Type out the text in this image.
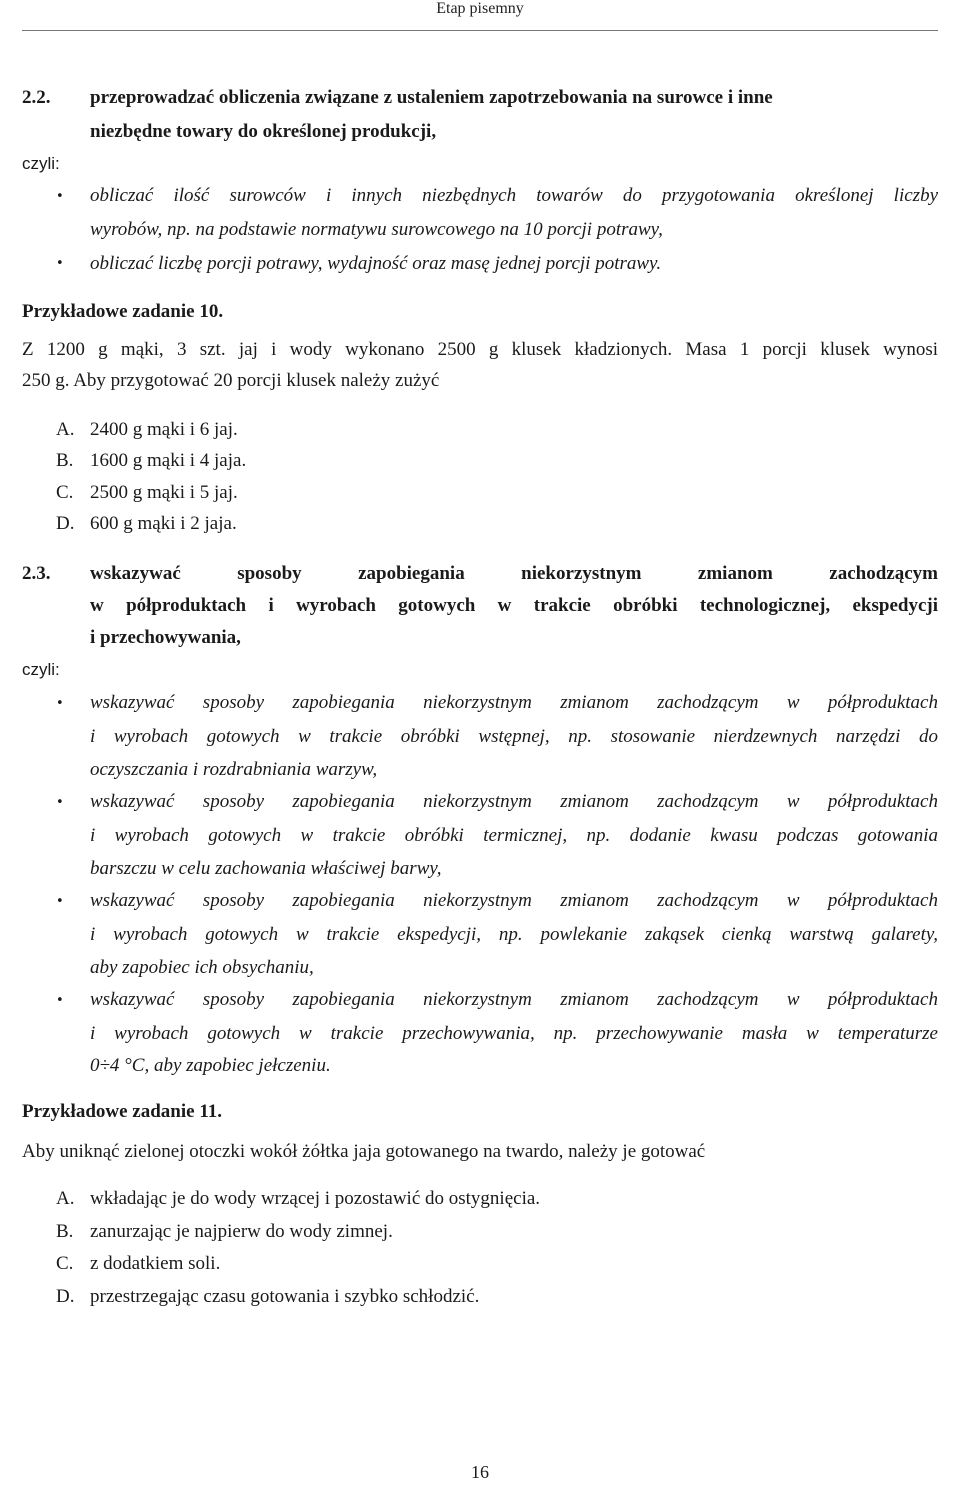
Etap pisemny
2.2. przeprowadzać obliczenia związane z ustaleniem zapotrzebowania na surowce i inne
niezbędne towary do określonej produkcji,
czyli:
• obliczać ilość surowców i innych niezbędnych towarów do przygotowania określonej liczby
wyrobów, np. na podstawie normatywu surowcowego na 10 porcji potrawy,
• obliczać liczbę porcji potrawy, wydajność oraz masę jednej porcji potrawy.
Przykładowe zadanie 10.
Z 1200 g mąki, 3 szt. jaj i wody wykonano 2500 g klusek kładzionych. Masa 1 porcji klusek wynosi
250 g. Aby przygotować 20 porcji klusek należy zużyć
A. 2400 g mąki i 6 jaj.
B. 1600 g mąki i 4 jaja.
C. 2500 g mąki i 5 jaj.
D. 600 g mąki i 2 jaja.
2.3. wskazywać sposoby zapobiegania niekorzystnym zmianom zachodzącym
w półproduktach i wyrobach gotowych w trakcie obróbki technologicznej, ekspedycji
i przechowywania,
czyli:
• wskazywać sposoby zapobiegania niekorzystnym zmianom zachodzącym w półproduktach
i wyrobach gotowych w trakcie obróbki wstępnej, np. stosowanie nierdzewnych narzędzi do
oczyszczania i rozdrabniania warzyw,
• wskazywać sposoby zapobiegania niekorzystnym zmianom zachodzącym w półproduktach
i wyrobach gotowych w trakcie obróbki termicznej, np. dodanie kwasu podczas gotowania
barszczu w celu zachowania właściwej barwy,
• wskazywać sposoby zapobiegania niekorzystnym zmianom zachodzącym w półproduktach
i wyrobach gotowych w trakcie ekspedycji, np. powlekanie zakąsek cienką warstwą galarety,
aby zapobiec ich obsychaniu,
• wskazywać sposoby zapobiegania niekorzystnym zmianom zachodzącym w półproduktach
i wyrobach gotowych w trakcie przechowywania, np. przechowywanie masła w temperaturze
0÷4 °C, aby zapobiec jełczeniu.
Przykładowe zadanie 11.
Aby uniknąć zielonej otoczki wokół żółtka jaja gotowanego na twardo, należy je gotować
A. wkładając je do wody wrzącej i pozostawić do ostygnięcia.
B. zanurzając je najpierw do wody zimnej.
C. z dodatkiem soli.
D. przestrzegając czasu gotowania i szybko schłodzić.
16
